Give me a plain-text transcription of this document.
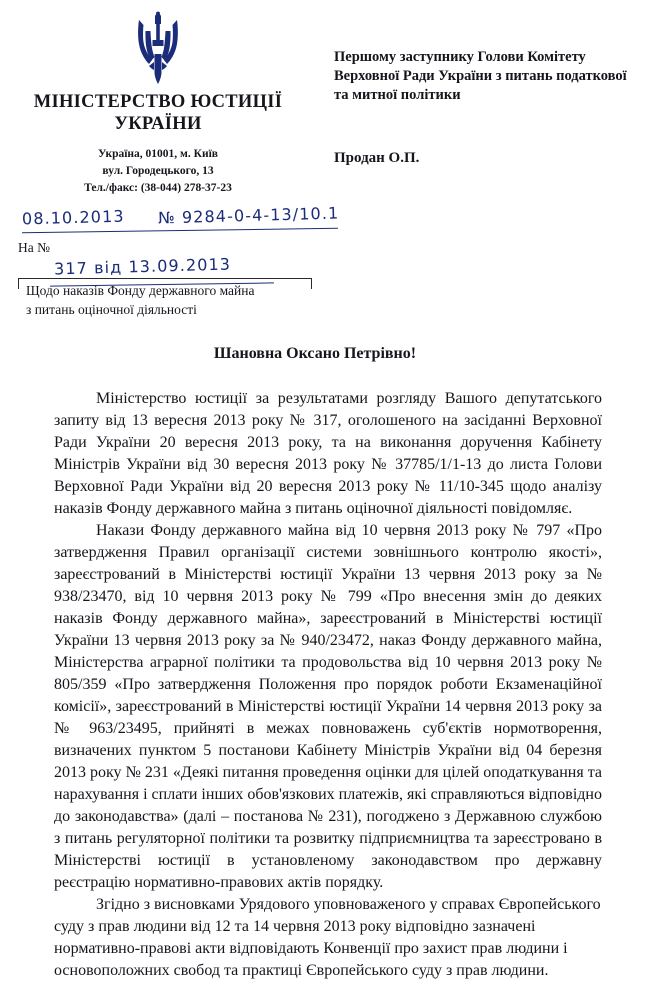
МІНІСТЕРСТВО ЮСТИЦІЇ УКРАЇНИ
Україна, 01001, м. Київ
вул. Городецького, 13
Тел./факс: (38-044) 278-37-23
Першому заступнику Голови Комітету Верховної Ради України з питань податкової та митної політики
Продан О.П.
08.10.2013 № 9284-0-4-13/10.1
На №
317 від 13.09.2013
Щодо наказів Фонду державного майна
з питань оціночної діяльності
Шановна Оксано Петрівно!

Міністерство юстиції за результатами розгляду Вашого депутатського запиту від 13 вересня 2013 року № 317, оголошеного на засіданні Верховної Ради України 20 вересня 2013 року, та на виконання доручення Кабінету Міністрів України від 30 вересня 2013 року № 37785/1/1-13 до листа Голови Верховної Ради України від 20 вересня 2013 року № 11/10-345 щодо аналізу наказів Фонду державного майна з питань оціночної діяльності повідомляє.

Накази Фонду державного майна від 10 червня 2013 року № 797 «Про затвердження Правил організації системи зовнішнього контролю якості», зареєстрований в Міністерстві юстиції України 13 червня 2013 року за № 938/23470, від 10 червня 2013 року № 799 «Про внесення змін до деяких наказів Фонду державного майна», зареєстрований в Міністерстві юстиції України 13 червня 2013 року за № 940/23472, наказ Фонду державного майна, Міністерства аграрної політики та продовольства від 10 червня 2013 року № 805/359 «Про затвердження Положення про порядок роботи Екзаменаційної комісії», зареєстрований в Міністерстві юстиції України 14 червня 2013 року за № 963/23495, прийняті в межах повноважень суб'єктів нормотворення, визначених пунктом 5 постанови Кабінету Міністрів України від 04 березня 2013 року № 231 «Деякі питання проведення оцінки для цілей оподаткування та нарахування і сплати інших обов'язкових платежів, які справляються відповідно до законодавства» (далі – постанова № 231), погоджено з Державною службою з питань регуляторної політики та розвитку підприємництва та зареєстровано в Міністерстві юстиції в установленому законодавством про державну реєстрацію нормативно-правових актів порядку.

Згідно з висновками Урядового уповноваженого у справах Європейського суду з прав людини від 12 та 14 червня 2013 року відповідно зазначені нормативно-правові акти відповідають Конвенції про захист прав людини і основоположних свобод та практиці Європейського суду з прав людини.
